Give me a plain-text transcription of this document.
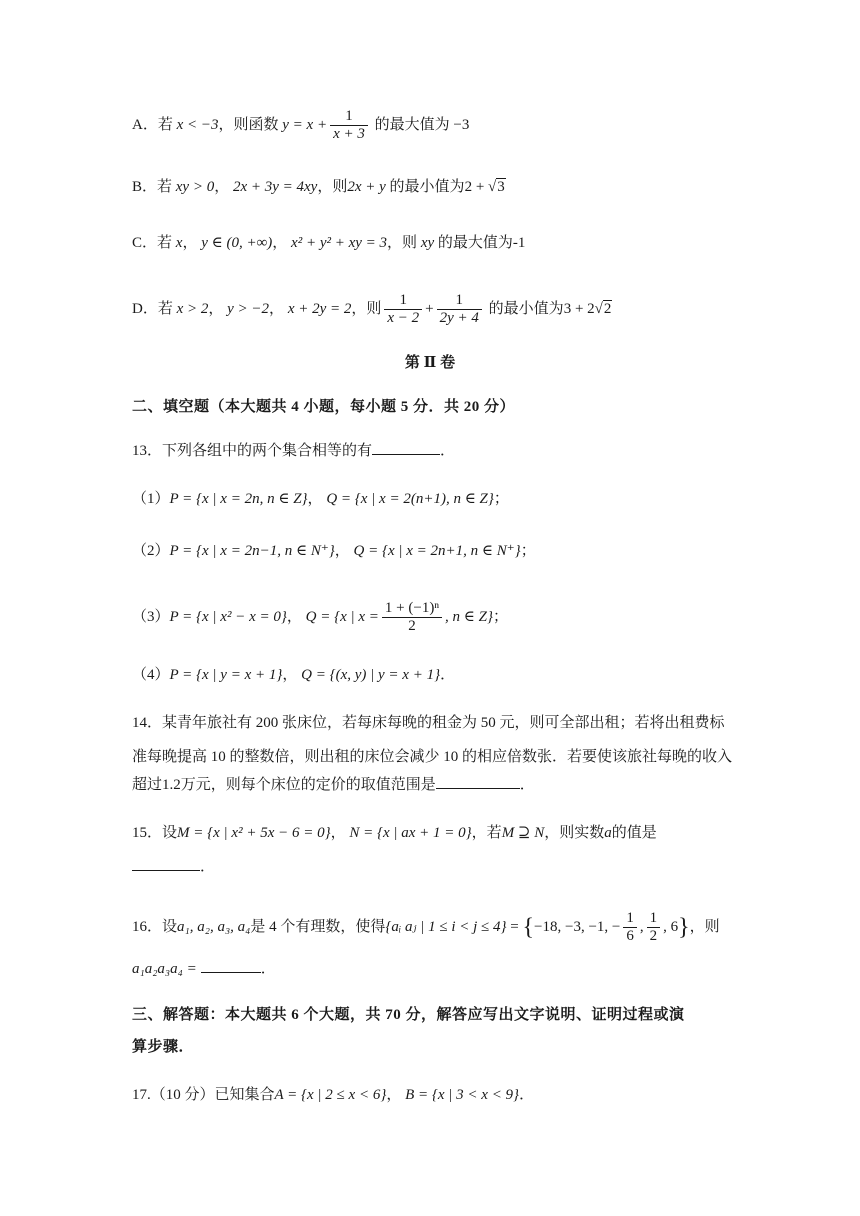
A．若 x < −3，则函数 $y = x + \frac{1}{x + 3}$ 的最大值为 −3
B．若 xy > 0， 2x + 3y = 4xy，则2x + y 的最小值为2 + √3
C．若 x， y ∈ (0, +∞)， x² + y² + xy = 3，则 xy 的最大值为-1
D．若 x > 2， y > −2， x + 2y = 2，则 $\frac{1}{x - 2} + \frac{1}{2y + 4}$ 的最小值为3 + 2√2
第 Ⅱ 卷
二、填空题（本大题共 4 小题，每小题 5 分．共 20 分）
13．下列各组中的两个集合相等的有	．
（1）P = {x | x = 2n, n ∈ Z}， Q = {x | x = 2(n+1), n ∈ Z}；
（2）P = {x | x = 2n−1, n ∈ N⁺}， Q = {x | x = 2n+1, n ∈ N⁺}；
（3）P = {x | x² − x = 0}， Q = {x | $x = \frac{\text{1 + (−1)ⁿ}}{2}$ , n ∈ Z}；
（4）P = {x | y = x + 1}， Q = {(x, y) | y = x + 1}．
14．某青年旅社有 200 张床位，若每床每晚的租金为 50 元，则可全部出租；若将出租费标
准每晚提高 10 的整数倍，则出租的床位会减少 10 的相应倍数张．若要使该旅社每晚的收入
超过1.2万元，则每个床位的定价的取值范围是	．
15．设M = {x | x² + 5x − 6 = 0}， N = {x | ax + 1 = 0}，若M ⊇ N，则实数a的值是
．
16．设a₁, a₂, a₃, a₄是 4 个有理数，使得{aᵢ aⱼ | 1 ≤ i < j ≤ 4} = {−18, −3, −1, − $\frac{1}{6}$ , $\frac{1}{2}$ , 6}，则
a₁a₂a₃a₄ =	．
三、解答题：本大题共 6 个大题，共 70 分，解答应写出文字说明、证明过程或演
算步骤．
17.（10 分）已知集合A = {x | 2 ≤ x < 6}， B = {x | 3 < x < 9}．
